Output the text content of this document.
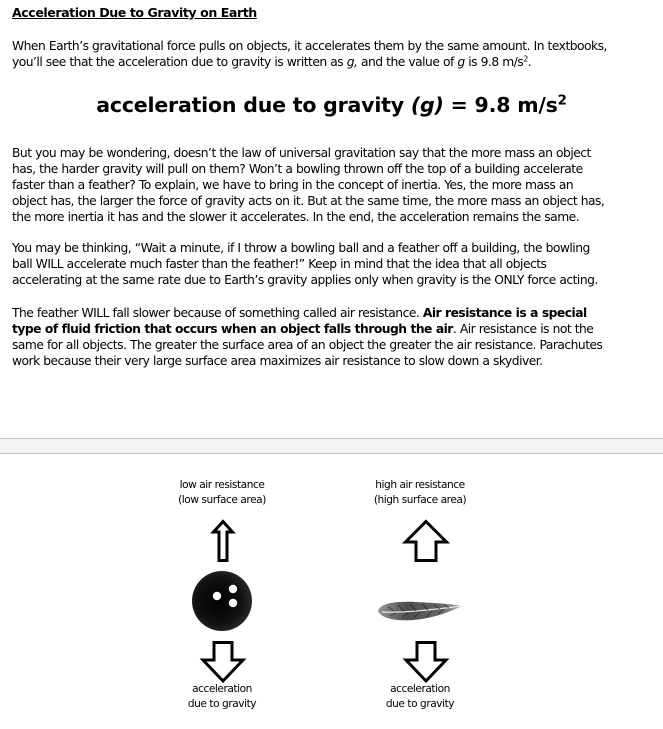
Acceleration Due to Gravity on Earth
When Earth’s gravitational force pulls on objects, it accelerates them by the same amount. In textbooks,
you’ll see that the acceleration due to gravity is written as g, and the value of g is 9.8 $m/s^2$.
acceleration due to gravity (g) = 9.8 $m/s^2$
But you may be wondering, doesn’t the law of universal gravitation say that the more mass an object
has, the harder gravity will pull on them? Won’t a bowling thrown off the top of a building accelerate
faster than a feather? To explain, we have to bring in the concept of inertia. Yes, the more mass an
object has, the larger the force of gravity acts on it. But at the same time, the more mass an object has,
the more inertia it has and the slower it accelerates. In the end, the acceleration remains the same.
You may be thinking, “Wait a minute, if I throw a bowling ball and a feather off a building, the bowling
ball WILL accelerate much faster than the feather!” Keep in mind that the idea that all objects
accelerating at the same rate due to Earth’s gravity applies only when gravity is the ONLY force acting.
The feather WILL fall slower because of something called air resistance. Air resistance is a special
type of fluid friction that occurs when an object falls through the air. Air resistance is not the
same for all objects. The greater the surface area of an object the greater the air resistance. Parachutes
work because their very large surface area maximizes air resistance to slow down a skydiver.
low air resistance
(low surface area)
acceleration
due to gravity
high air resistance
(high surface area)
acceleration
due to gravity
